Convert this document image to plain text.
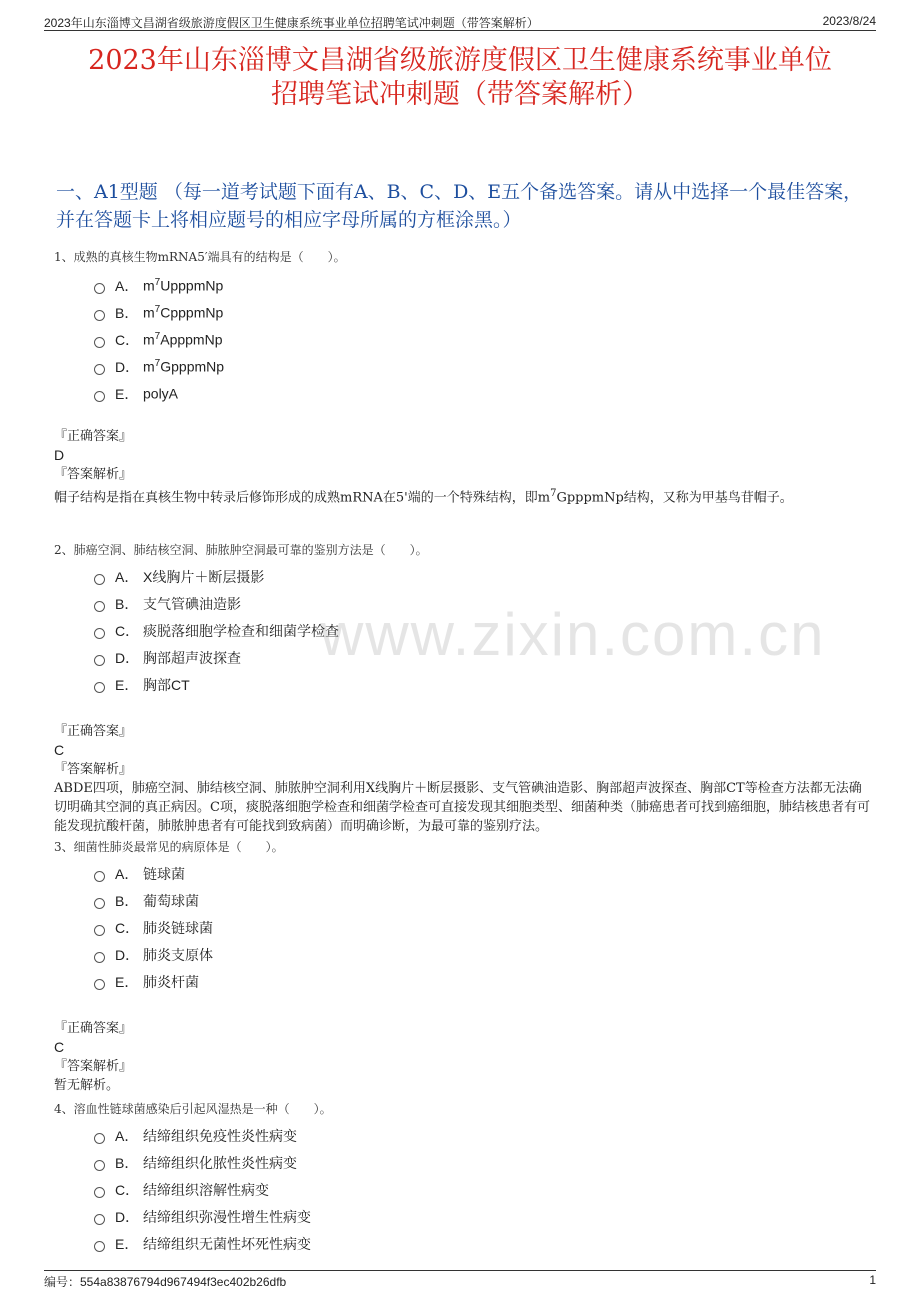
2023年山东淄博文昌湖省级旅游度假区卫生健康系统事业单位招聘笔试冲刺题（带答案解析）	2023/8/24
2023年山东淄博文昌湖省级旅游度假区卫生健康系统事业单位
招聘笔试冲刺题（带答案解析）
一、A1型题 （每一道考试题下面有A、B、C、D、E五个备选答案。请从中选择一个最佳答案，并在答题卡上将相应题号的相应字母所属的方框涂黑。）
www.zixin.com.cn
1、成熟的真核生物mRNA5′端具有的结构是（　　）。
A． $m^7UpppmNp$
B． $m^7CpppmNp$
C． $m^7ApppmNp$
D． $m^7GpppmNp$
E． polyA
『正确答案』
D
『答案解析』
帽子结构是指在真核生物中转录后修饰形成的成熟mRNA在5'端的一个特殊结构，即$m^7GpppmNp$结构，又称为甲基鸟苷帽子。
2、肺癌空洞、肺结核空洞、肺脓肿空洞最可靠的鉴别方法是（　　）。
A． X线胸片＋断层摄影
B． 支气管碘油造影
C． 痰脱落细胞学检查和细菌学检查
D． 胸部超声波探查
E． 胸部CT
『正确答案』
C
『答案解析』
ABDE四项，肺癌空洞、肺结核空洞、肺脓肿空洞利用X线胸片＋断层摄影、支气管碘油造影、胸部超声波探查、胸部CT等检查方法都无法确切明确其空洞的真正病因。C项，痰脱落细胞学检查和细菌学检查可直接发现其细胞类型、细菌种类（肺癌患者可找到癌细胞，肺结核患者有可能发现抗酸杆菌，肺脓肿患者有可能找到致病菌）而明确诊断，为最可靠的鉴别疗法。
3、细菌性肺炎最常见的病原体是（　　）。
A． 链球菌
B． 葡萄球菌
C． 肺炎链球菌
D． 肺炎支原体
E． 肺炎杆菌
『正确答案』
C
『答案解析』
暂无解析。
4、溶血性链球菌感染后引起风湿热是一种（　　）。
A． 结缔组织免疫性炎性病变
B． 结缔组织化脓性炎性病变
C． 结缔组织溶解性病变
D． 结缔组织弥漫性增生性病变
E． 结缔组织无菌性坏死性病变
编号：554a83876794d967494f3ec402b26dfb	1
